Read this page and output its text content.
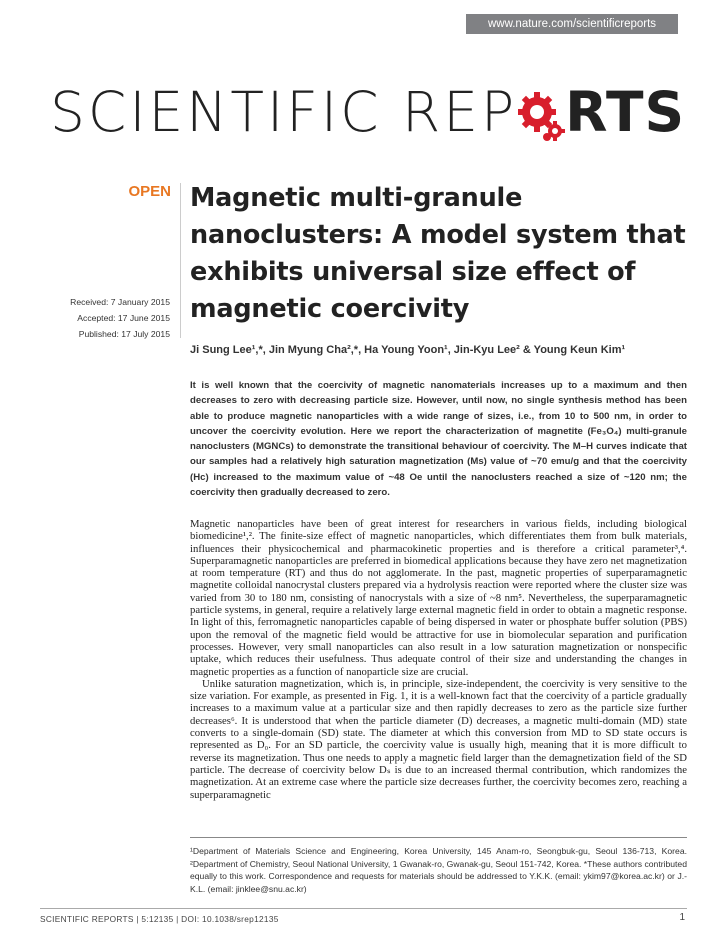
www.nature.com/scientificreports
SCIENTIFIC REP RTS
OPEN Magnetic multi-granule nanoclusters: A model system that exhibits universal size effect of magnetic coercivity
Received: 7 January 2015
Accepted: 17 June 2015
Published: 17 July 2015
Ji Sung Lee¹,*, Jin Myung Cha²,*, Ha Young Yoon¹, Jin-Kyu Lee² & Young Keun Kim¹
It is well known that the coercivity of magnetic nanomaterials increases up to a maximum and then decreases to zero with decreasing particle size. However, until now, no single synthesis method has been able to produce magnetic nanoparticles with a wide range of sizes, i.e., from 10 to 500 nm, in order to uncover the coercivity evolution. Here we report the characterization of magnetite (Fe₃O₄) multi-granule nanoclusters (MGNCs) to demonstrate the transitional behaviour of coercivity. The M–H curves indicate that our samples had a relatively high saturation magnetization (Ms) value of ~70 emu/g and that the coercivity (Hc) increased to the maximum value of ~48 Oe until the nanoclusters reached a size of ~120 nm; the coercivity then gradually decreased to zero.

Magnetic nanoparticles have been of great interest for researchers in various fields, including biological biomedicine¹,². The finite-size effect of magnetic nanoparticles, which differentiates them from bulk materials, influences their physicochemical and pharmacokinetic properties and is therefore a critical parameter³,⁴. Superparamagnetic nanoparticles are preferred in biomedical applications because they have zero net magnetization at room temperature (RT) and thus do not agglomerate. In the past, magnetic properties of superparamagnetic magnetite colloidal nanocrystal clusters prepared via a hydrolysis reaction were reported where the cluster size was varied from 30 to 180 nm, consisting of nanocrystals with a size of ~8 nm⁵. Nevertheless, the superparamagnetic particle systems, in general, require a relatively large external magnetic field in order to obtain a magnetic response. In light of this, ferromagnetic nanoparticles capable of being dispersed in water or phosphate buffer solution (PBS) upon the removal of the magnetic field would be attractive for use in biomolecular separation and purification processes. However, very small nanoparticles can also result in a low saturation magnetization or nonspecific uptake, which reduces their usefulness. Thus adequate control of their size and understanding the changes in magnetic properties as a function of nanoparticle size are crucial.

Unlike saturation magnetization, which is, in principle, size-independent, the coercivity is very sensitive to the size variation. For example, as presented in Fig. 1, it is a well-known fact that the coercivity of a particle gradually increases to a maximum value at a particular size and then rapidly decreases to zero as the particle size further decreases⁶. It is understood that when the particle diameter (D) decreases, a magnetic multi-domain (MD) state converts to a single-domain (SD) state. The diameter at which this conversion from MD to SD state occurs is represented as D₀. For an SD particle, the coercivity value is usually high, meaning that it is more difficult to reverse its magnetization. Thus one needs to apply a magnetic field larger than the demagnetization field of the SD particle. The decrease of coercivity below Dₛ is due to an increased thermal contribution, which randomizes the magnetization. At an extreme case where the particle size decreases further, the coercivity becomes zero, reaching a superparamagnetic

¹Department of Materials Science and Engineering, Korea University, 145 Anam-ro, Seongbuk-gu, Seoul 136-713, Korea. ²Department of Chemistry, Seoul National University, 1 Gwanak-ro, Gwanak-gu, Seoul 151-742, Korea. *These authors contributed equally to this work. Correspondence and requests for materials should be addressed to Y.K.K. (email: ykim97@korea.ac.kr) or J.-K.L. (email: jinklee@snu.ac.kr)
SCIENTIFIC REPORTS | 5:12135 | DOI: 10.1038/srep12135	1
